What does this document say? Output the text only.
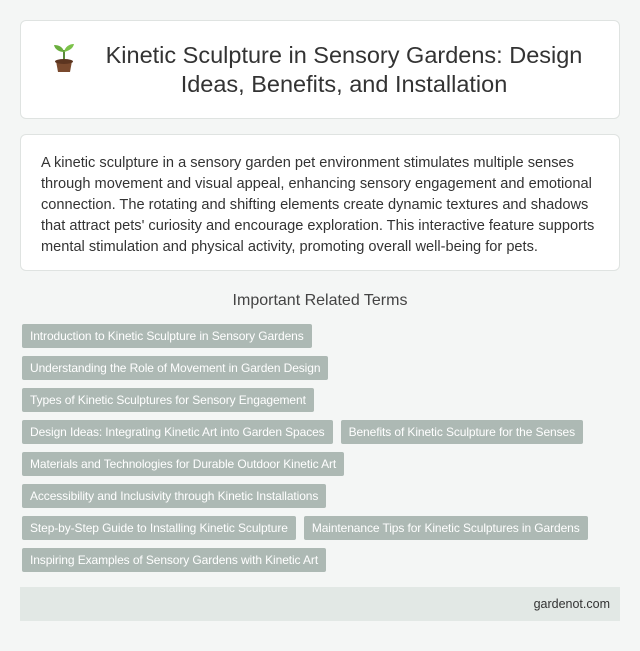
Kinetic Sculpture in Sensory Gardens: Design Ideas, Benefits, and Installation

A kinetic sculpture in a sensory garden pet environment stimulates multiple senses through movement and visual appeal, enhancing sensory engagement and emotional connection. The rotating and shifting elements create dynamic textures and shadows that attract pets' curiosity and encourage exploration. This interactive feature supports mental stimulation and physical activity, promoting overall well-being for pets.

Important Related Terms
Introduction to Kinetic Sculpture in Sensory Gardens
Understanding the Role of Movement in Garden Design
Types of Kinetic Sculptures for Sensory Engagement
Design Ideas: Integrating Kinetic Art into Garden Spaces	Benefits of Kinetic Sculpture for the Senses
Materials and Technologies for Durable Outdoor Kinetic Art
Accessibility and Inclusivity through Kinetic Installations
Step-by-Step Guide to Installing Kinetic Sculpture	Maintenance Tips for Kinetic Sculptures in Gardens
Inspiring Examples of Sensory Gardens with Kinetic Art
gardenot.com
